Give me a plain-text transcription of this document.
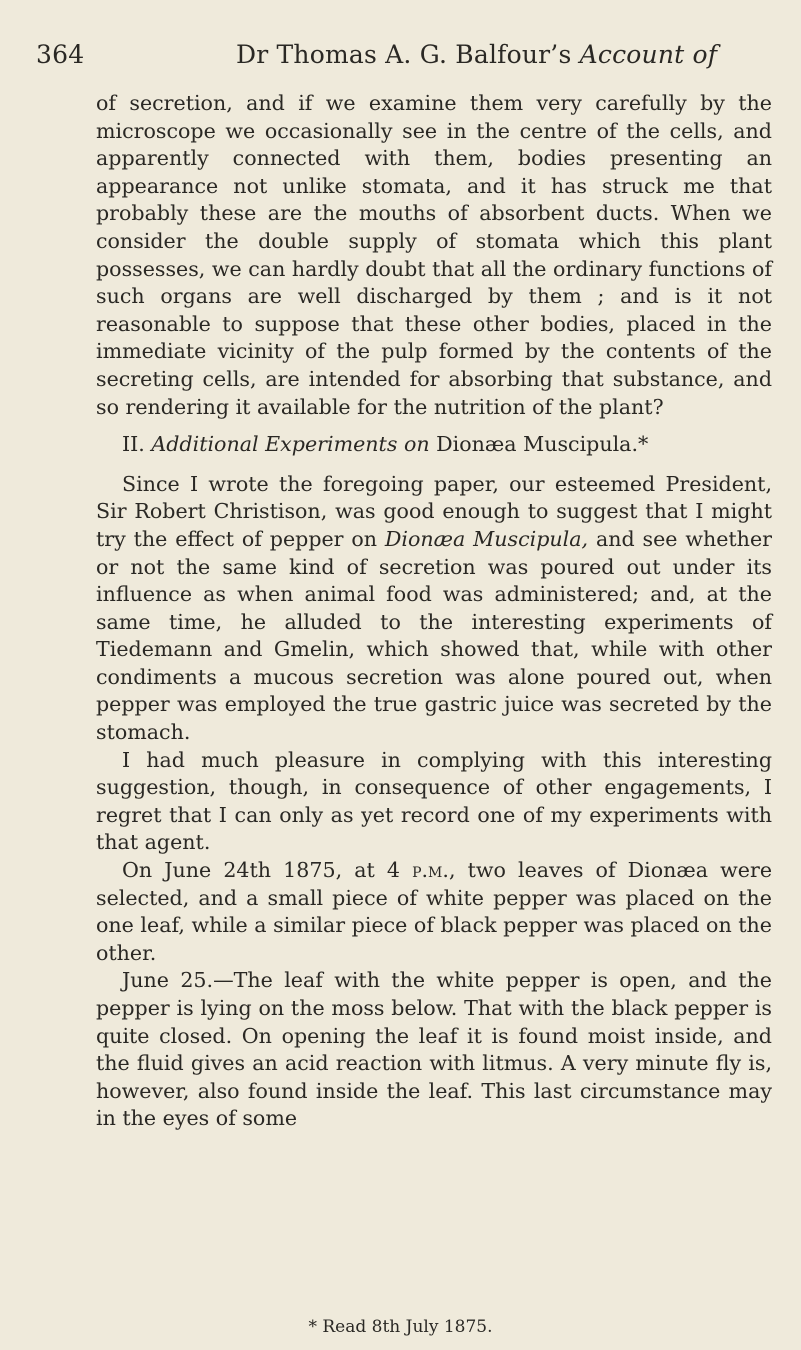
364	Dr Thomas A. G. Balfour’s Account of

of secretion, and if we examine them very carefully by the microscope we occasionally see in the centre of the cells, and apparently connected with them, bodies presenting an appearance not unlike stomata, and it has struck me that probably these are the mouths of absorbent ducts. When we consider the double supply of stomata which this plant possesses, we can hardly doubt that all the ordinary functions of such organs are well discharged by them ; and is it not reasonable to suppose that these other bodies, placed in the immediate vicinity of the pulp formed by the contents of the secreting cells, are intended for absorbing that substance, and so rendering it available for the nutrition of the plant?

II. Additional Experiments on Dionæa Muscipula.*

Since I wrote the foregoing paper, our esteemed President, Sir Robert Christison, was good enough to suggest that I might try the effect of pepper on Dionæa Muscipula, and see whether or not the same kind of secretion was poured out under its influence as when animal food was administered; and, at the same time, he alluded to the interesting experiments of Tiedemann and Gmelin, which showed that, while with other condiments a mucous secretion was alone poured out, when pepper was employed the true gastric juice was secreted by the stomach.

I had much pleasure in complying with this interesting suggestion, though, in consequence of other engagements, I regret that I can only as yet record one of my experiments with that agent.

On June 24th 1875, at 4 p.m., two leaves of Dionæa were selected, and a small piece of white pepper was placed on the one leaf, while a similar piece of black pepper was placed on the other.

June 25.—The leaf with the white pepper is open, and the pepper is lying on the moss below. That with the black pepper is quite closed. On opening the leaf it is found moist inside, and the fluid gives an acid reaction with litmus. A very minute fly is, however, also found inside the leaf. This last circumstance may in the eyes of some

* Read 8th July 1875.
